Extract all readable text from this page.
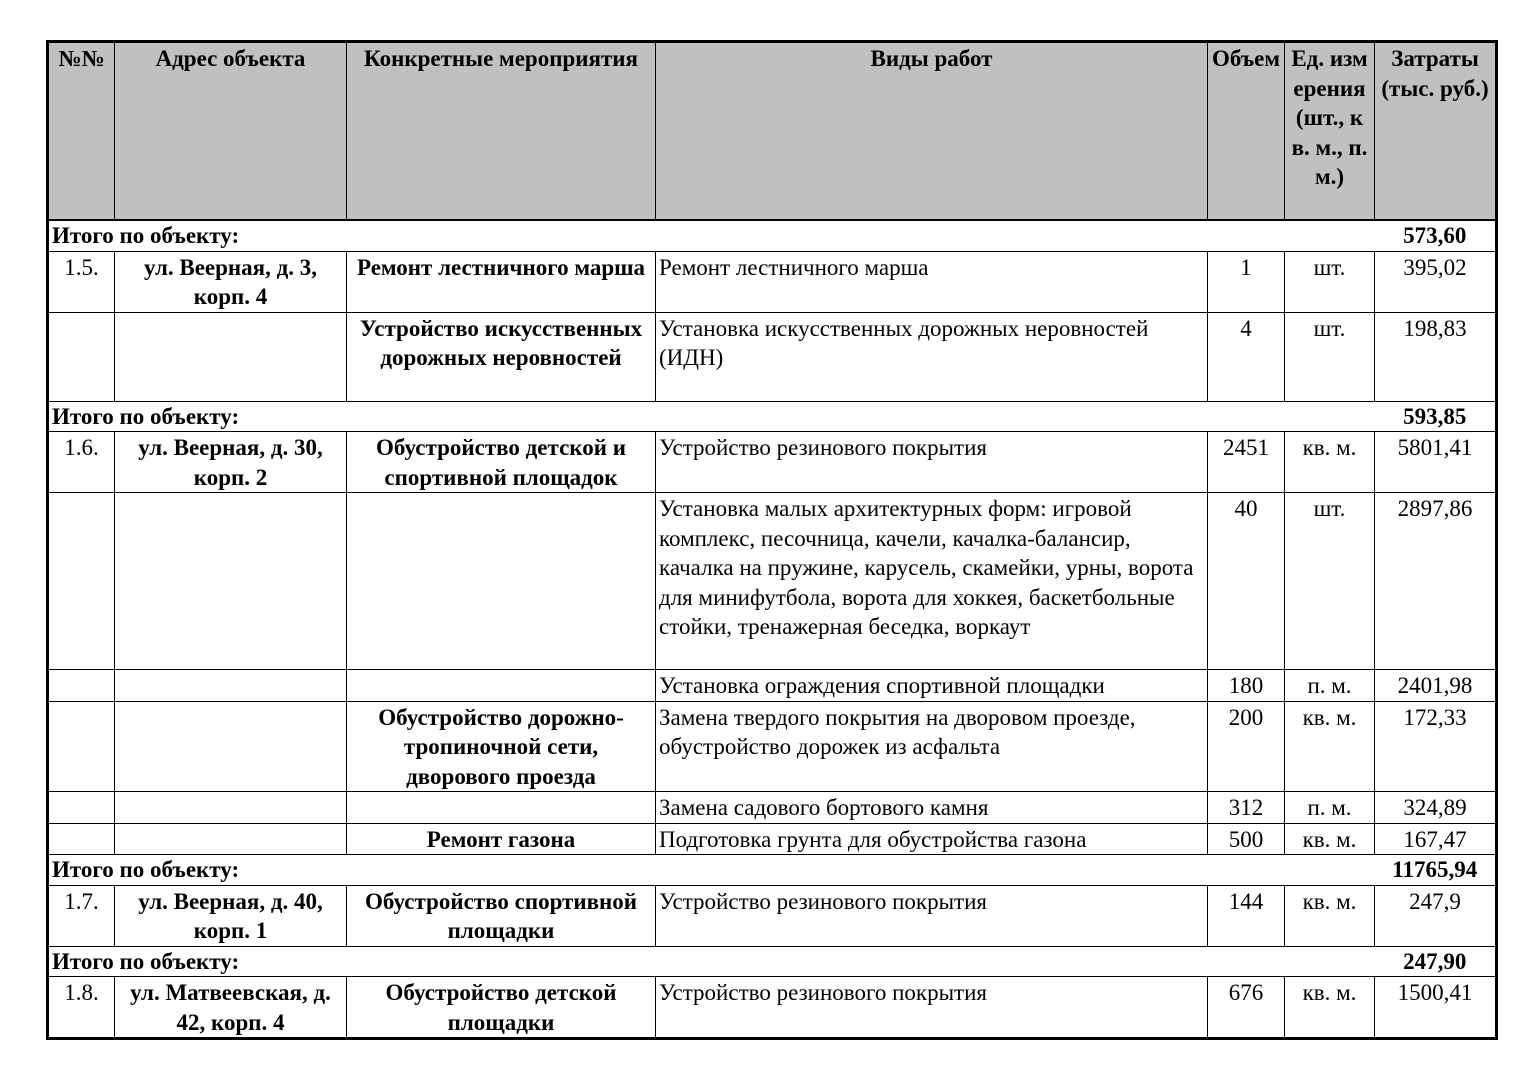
№№	Адрес объекта	Конкретные мероприятия	Виды работ	Объем	Ед. измерения (шт., кв. м., п. м.)	Затраты (тыс. руб.)
Итого по объекту:						573,60
1.5.	ул. Веерная, д. 3, корп. 4	Ремонт лестничного марша	Ремонт лестничного марша	1	шт.	395,02
		Устройство искусственных дорожных неровностей	Установка искусственных дорожных неровностей (ИДН)	4	шт.	198,83
Итого по объекту:						593,85
1.6.	ул. Веерная, д. 30, корп. 2	Обустройство детской и спортивной площадок	Устройство резинового покрытия	2451	кв. м.	5801,41
			Установка малых архитектурных форм: игровой комплекс, песочница, качели, качалка-балансир, качалка на пружине, карусель, скамейки, урны, ворота для минифутбола, ворота для хоккея, баскетбольные стойки, тренажерная беседка, воркаут	40	шт.	2897,86
			Установка ограждения спортивной площадки	180	п. м.	2401,98
		Обустройство дорожно-тропиночной сети, дворового проезда	Замена твердого покрытия на дворовом проезде, обустройство дорожек из асфальта	200	кв. м.	172,33
			Замена садового бортового камня	312	п. м.	324,89
		Ремонт газона	Подготовка грунта для обустройства газона	500	кв. м.	167,47
Итого по объекту:						11765,94
1.7.	ул. Веерная, д. 40, корп. 1	Обустройство спортивной площадки	Устройство резинового покрытия	144	кв. м.	247,9
Итого по объекту:						247,90
1.8.	ул. Матвеевская, д. 42, корп. 4	Обустройство детской площадки	Устройство резинового покрытия	676	кв. м.	1500,41
